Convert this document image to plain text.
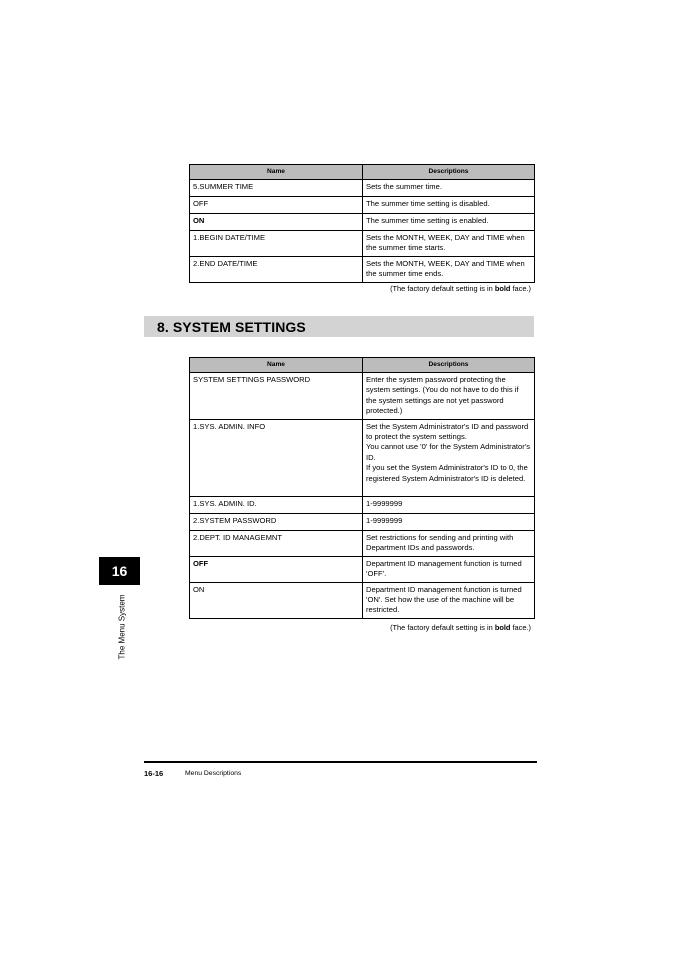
Name	Descriptions
5.SUMMER TIME	Sets the summer time.
OFF	The summer time setting is disabled.
ON	The summer time setting is enabled.
1.BEGIN DATE/TIME	Sets the MONTH, WEEK, DAY and TIME when the summer time starts.
2.END DATE/TIME	Sets the MONTH, WEEK, DAY and TIME when the summer time ends.
(The factory default setting is in bold face.)
8. SYSTEM SETTINGS
Name	Descriptions
SYSTEM SETTINGS PASSWORD	Enter the system password protecting the system settings. (You do not have to do this if the system settings are not yet password protected.)
1.SYS. ADMIN. INFO	Set the System Administrator's ID and password to protect the system settings.
You cannot use '0' for the System Administrator's ID.
If you set the System Administrator's ID to 0, the registered System Administrator's ID is deleted.

1.SYS. ADMIN. ID.	1-9999999
2.SYSTEM PASSWORD	1-9999999
2.DEPT. ID MANAGEMNT	Set restrictions for sending and printing with Department IDs and passwords.
OFF	Department ID management function is turned 'OFF'.
ON	Department ID management function is turned 'ON'. Set how the use of the machine will be restricted.
(The factory default setting is in bold face.)
16
The Menu System
16-16	Menu Descriptions
